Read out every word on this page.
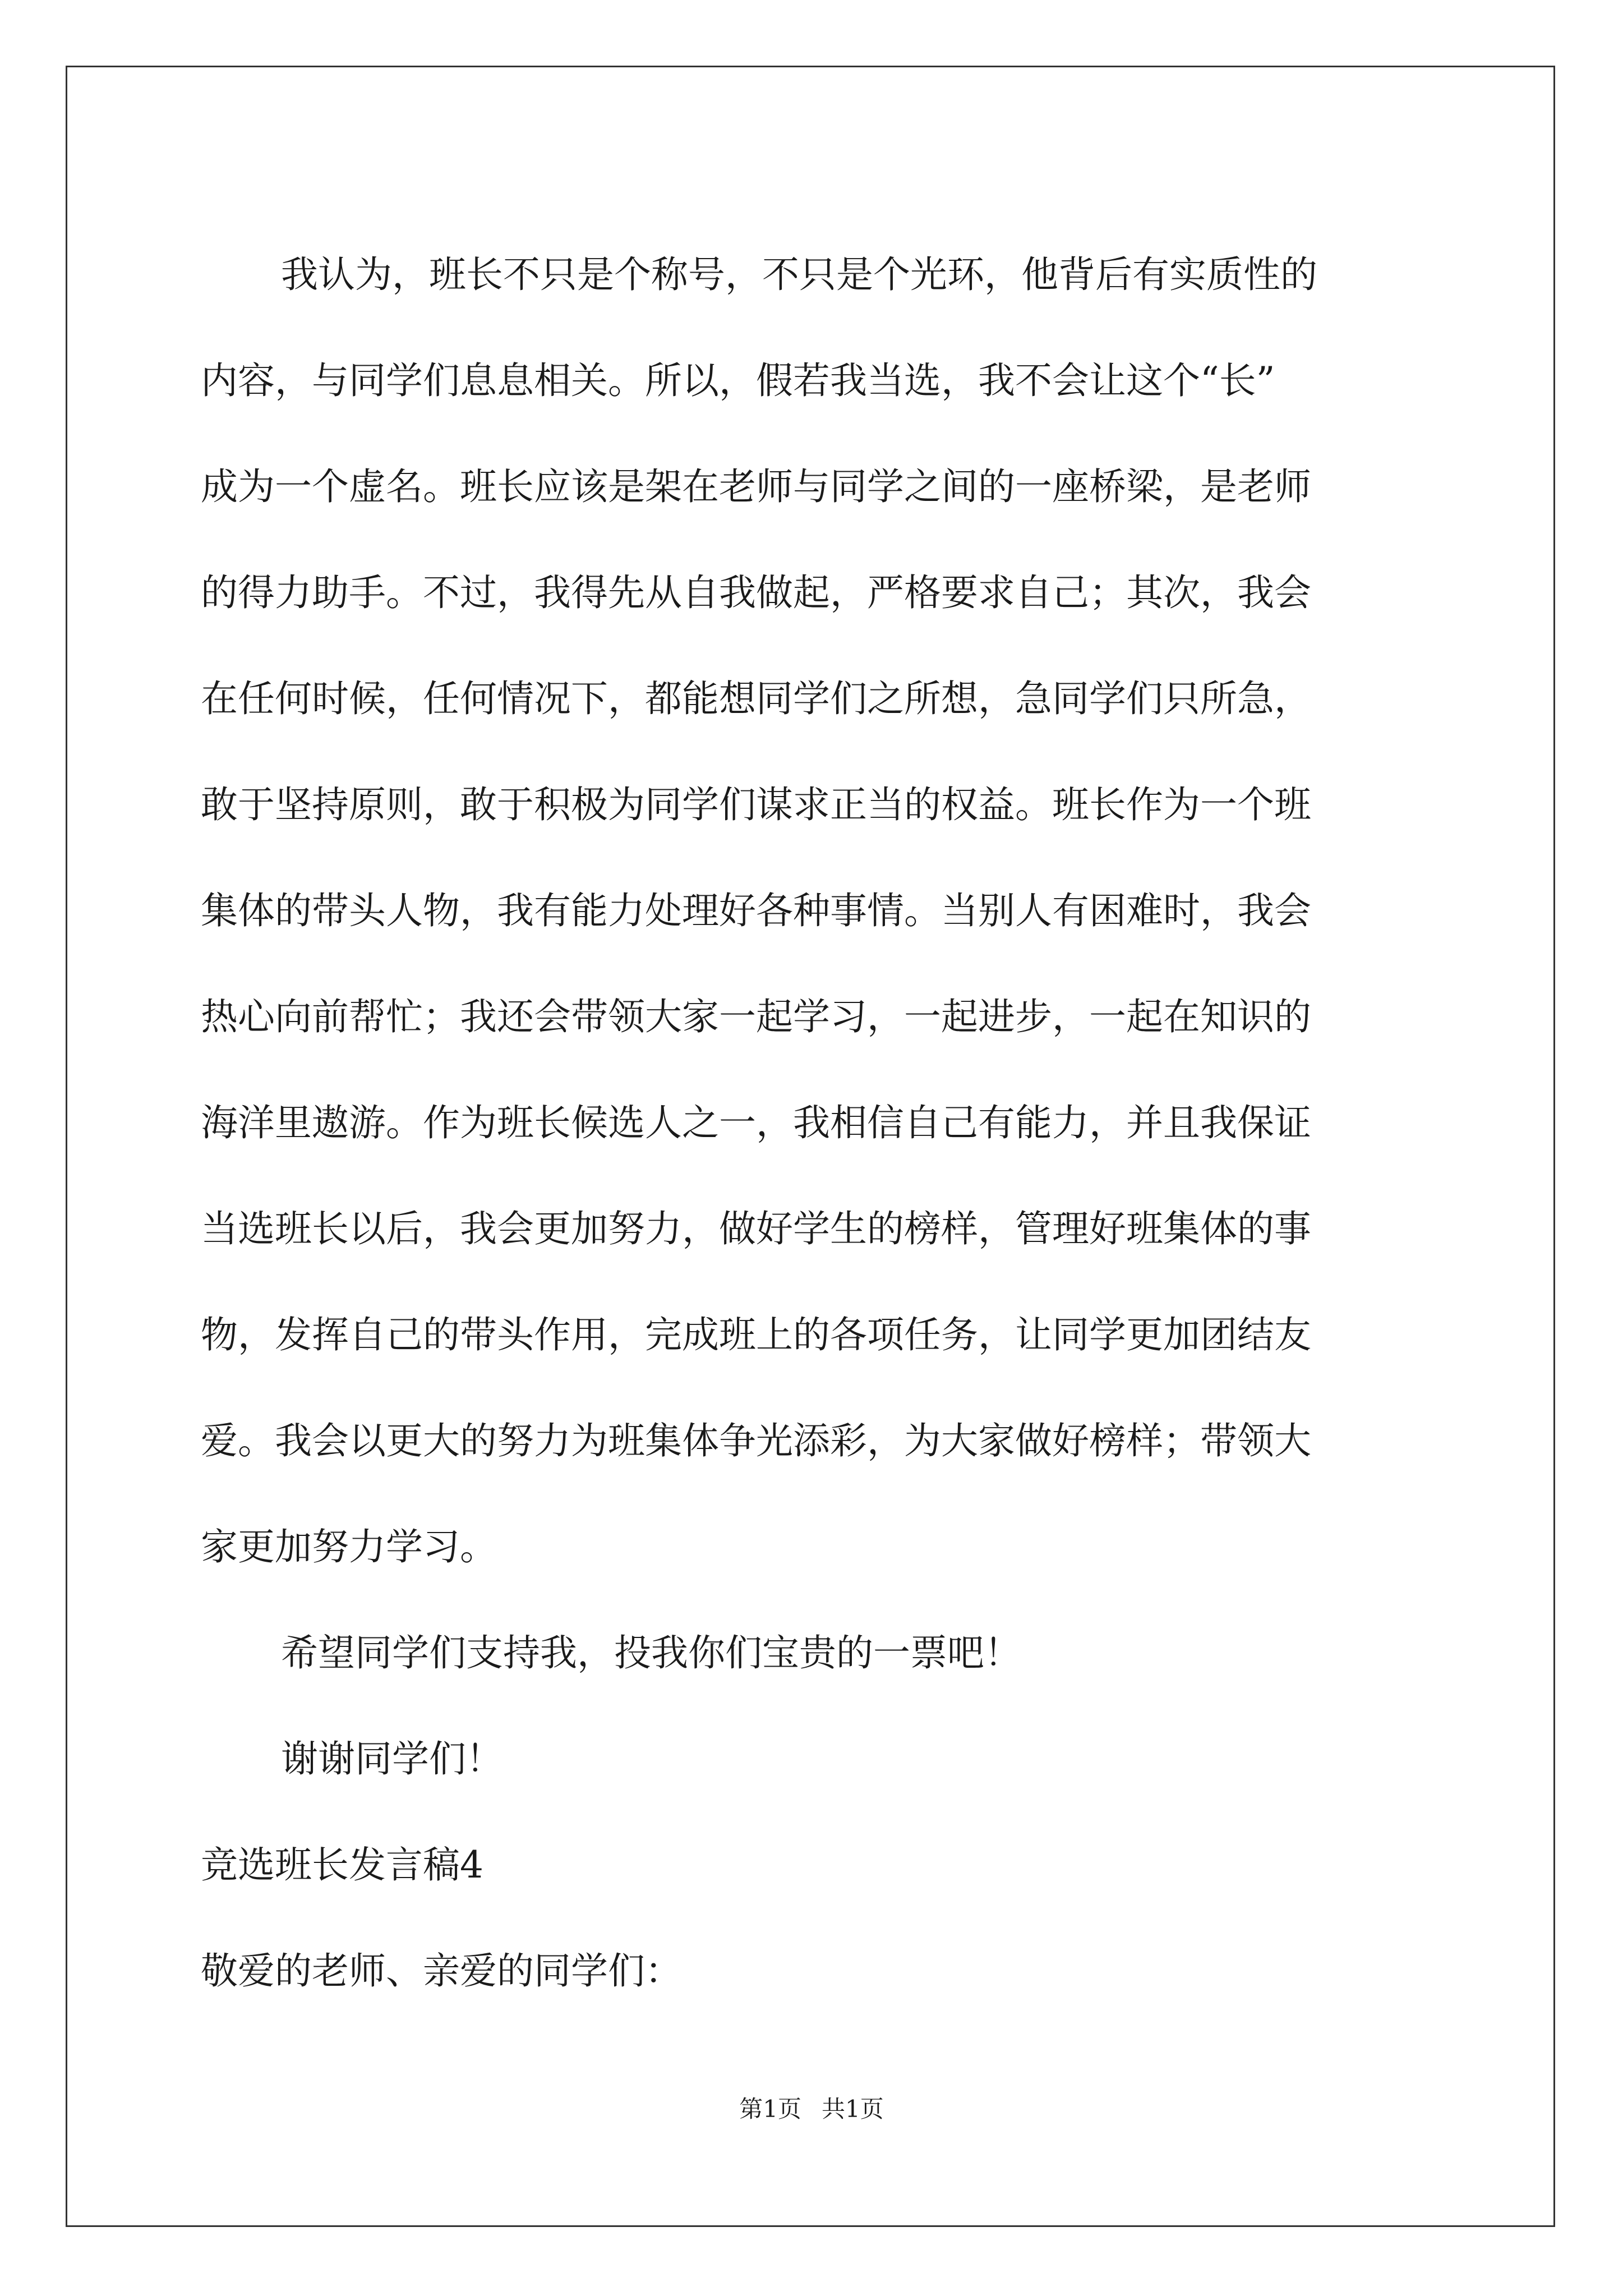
我认为，班长不只是个称号，不只是个光环，他背后有实质性的
内容，与同学们息息相关。所以，假若我当选，我不会让这个“长”
成为一个虚名。班长应该是架在老师与同学之间的一座桥梁，是老师
的得力助手。不过，我得先从自我做起，严格要求自己；其次，我会
在任何时候，任何情况下，都能想同学们之所想，急同学们只所急，
敢于坚持原则，敢于积极为同学们谋求正当的权益。班长作为一个班
集体的带头人物，我有能力处理好各种事情。当别人有困难时，我会
热心向前帮忙；我还会带领大家一起学习，一起进步，一起在知识的
海洋里遨游。作为班长候选人之一，我相信自己有能力，并且我保证
当选班长以后，我会更加努力，做好学生的榜样，管理好班集体的事
物，发挥自己的带头作用，完成班上的各项任务，让同学更加团结友
爱。我会以更大的努力为班集体争光添彩，为大家做好榜样；带领大
家更加努力学习。

希望同学们支持我，投我你们宝贵的一票吧！

谢谢同学们！

竞选班长发言稿4

敬爱的老师、亲爱的同学们：

第1页 共1页
